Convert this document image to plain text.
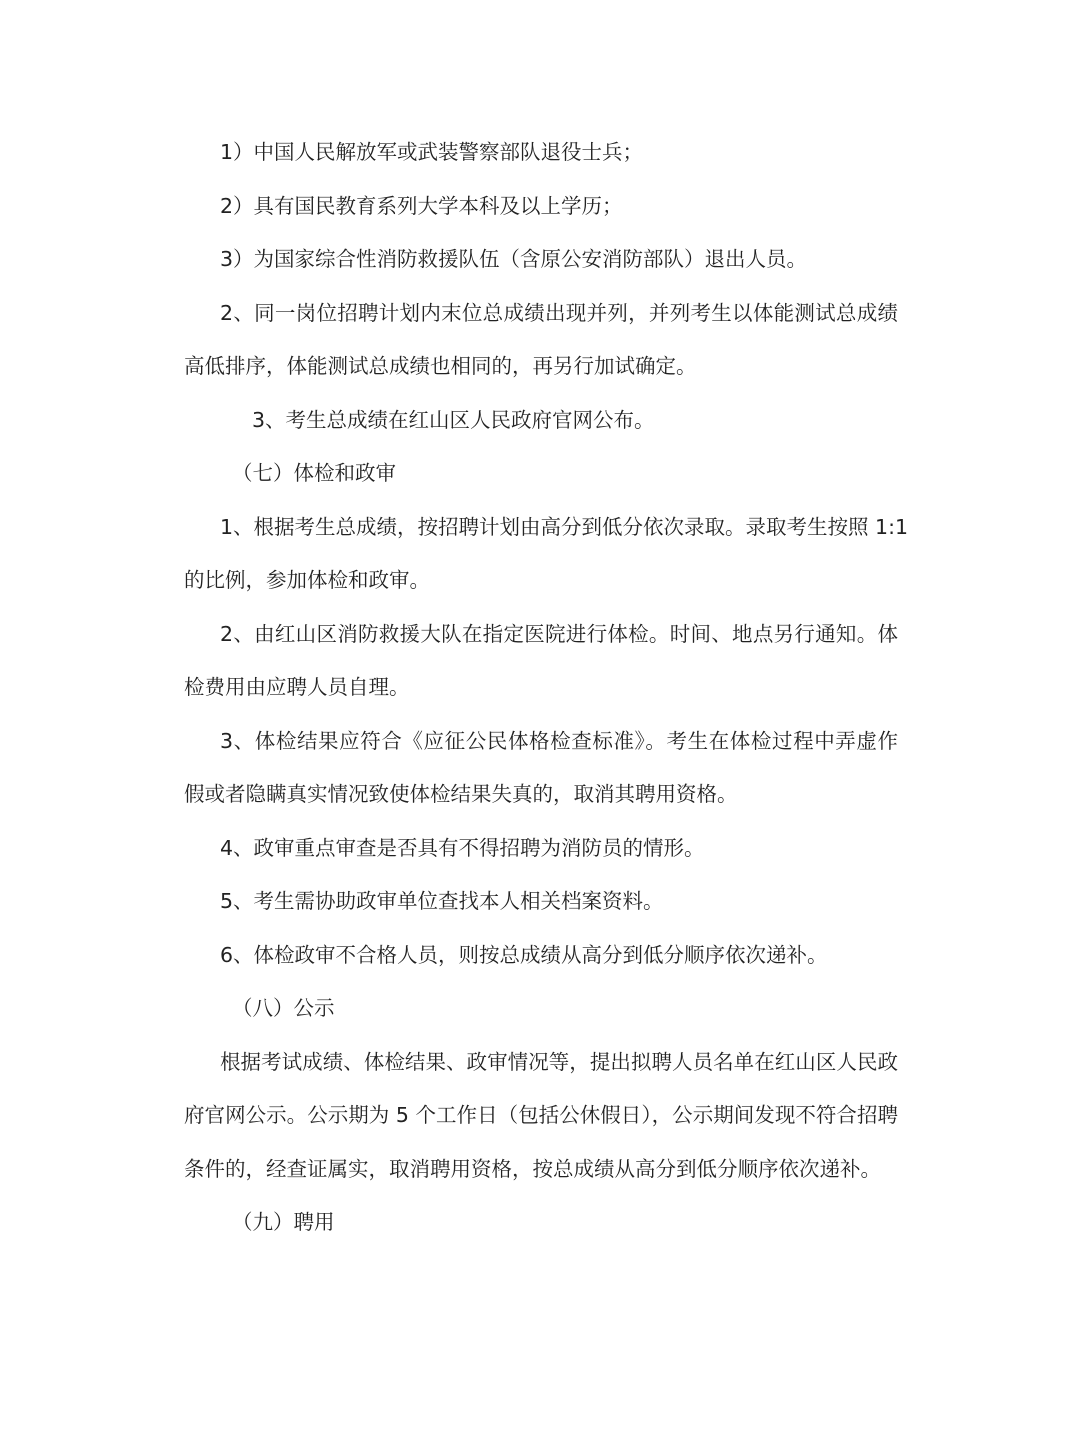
1）中国人民解放军或武装警察部队退役士兵；
2）具有国民教育系列大学本科及以上学历；
3）为国家综合性消防救援队伍（含原公安消防部队）退出人员。
2、同一岗位招聘计划内末位总成绩出现并列，并列考生以体能测试总成绩
高低排序，体能测试总成绩也相同的，再另行加试确定。
3、考生总成绩在红山区人民政府官网公布。
（七）体检和政审
1、根据考生总成绩，按招聘计划由高分到低分依次录取。录取考生按照 1:1
的比例，参加体检和政审。
2、由红山区消防救援大队在指定医院进行体检。时间、地点另行通知。体
检费用由应聘人员自理。
3、体检结果应符合《应征公民体格检查标准》。考生在体检过程中弄虚作
假或者隐瞒真实情况致使体检结果失真的，取消其聘用资格。
4、政审重点审查是否具有不得招聘为消防员的情形。
5、考生需协助政审单位查找本人相关档案资料。
6、体检政审不合格人员，则按总成绩从高分到低分顺序依次递补。
（八）公示
根据考试成绩、体检结果、政审情况等，提出拟聘人员名单在红山区人民政
府官网公示。公示期为 5 个工作日（包括公休假日），公示期间发现不符合招聘
条件的，经查证属实，取消聘用资格，按总成绩从高分到低分顺序依次递补。
（九）聘用
